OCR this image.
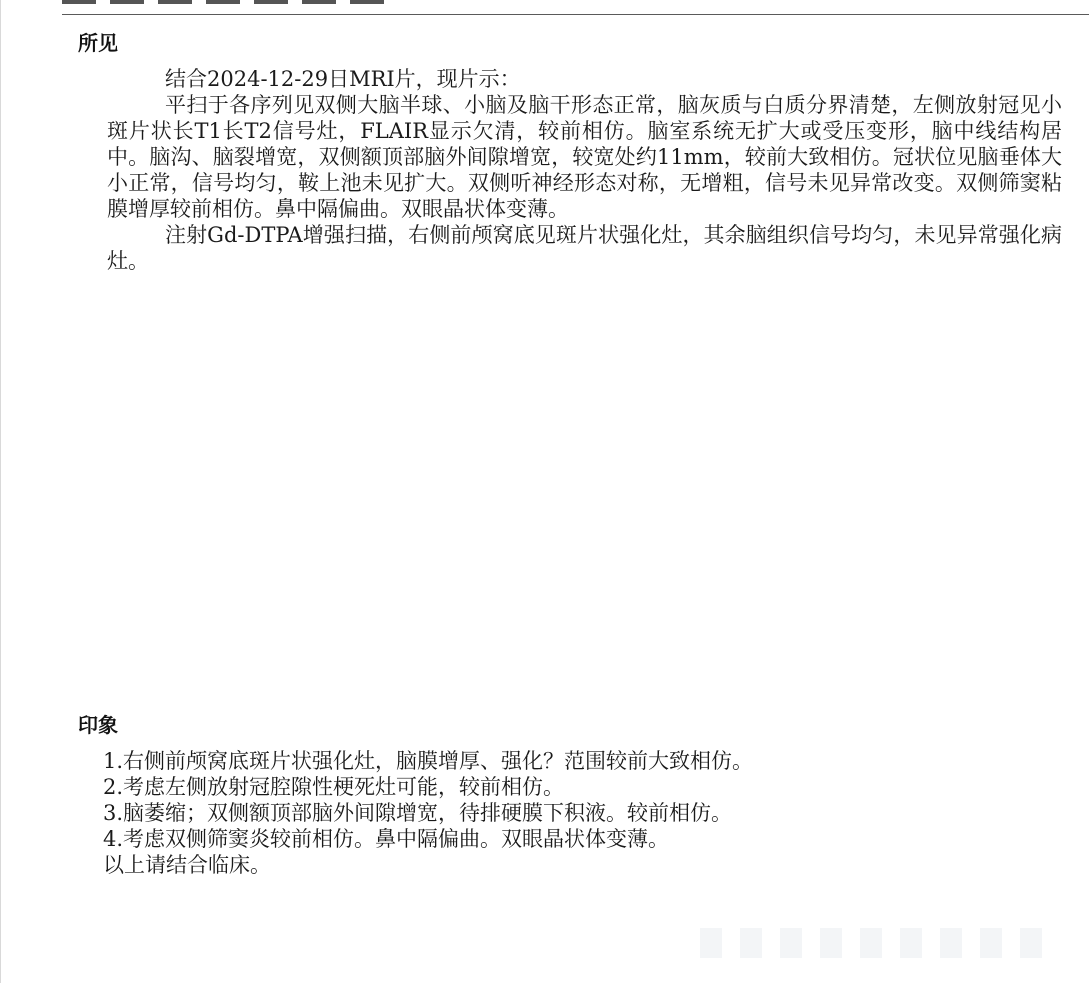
所见

结合2024-12-29日MRI片，现片示：

平扫于各序列见双侧大脑半球、小脑及脑干形态正常，脑灰质与白质分界清楚，左侧放射冠见小斑片状长T1长T2信号灶，FLAIR显示欠清，较前相仿。脑室系统无扩大或受压变形，脑中线结构居中。脑沟、脑裂增宽，双侧额顶部脑外间隙增宽，较宽处约11mm，较前大致相仿。冠状位见脑垂体大小正常，信号均匀，鞍上池未见扩大。双侧听神经形态对称，无增粗，信号未见异常改变。双侧筛窦粘膜增厚较前相仿。鼻中隔偏曲。双眼晶状体变薄。

注射Gd-DTPA增强扫描，右侧前颅窝底见斑片状强化灶，其余脑组织信号均匀，未见异常强化病灶。

印象
1.右侧前颅窝底斑片状强化灶，脑膜增厚、强化？范围较前大致相仿。
2.考虑左侧放射冠腔隙性梗死灶可能，较前相仿。
3.脑萎缩；双侧额顶部脑外间隙增宽，待排硬膜下积液。较前相仿。
4.考虑双侧筛窦炎较前相仿。鼻中隔偏曲。双眼晶状体变薄。
以上请结合临床。
